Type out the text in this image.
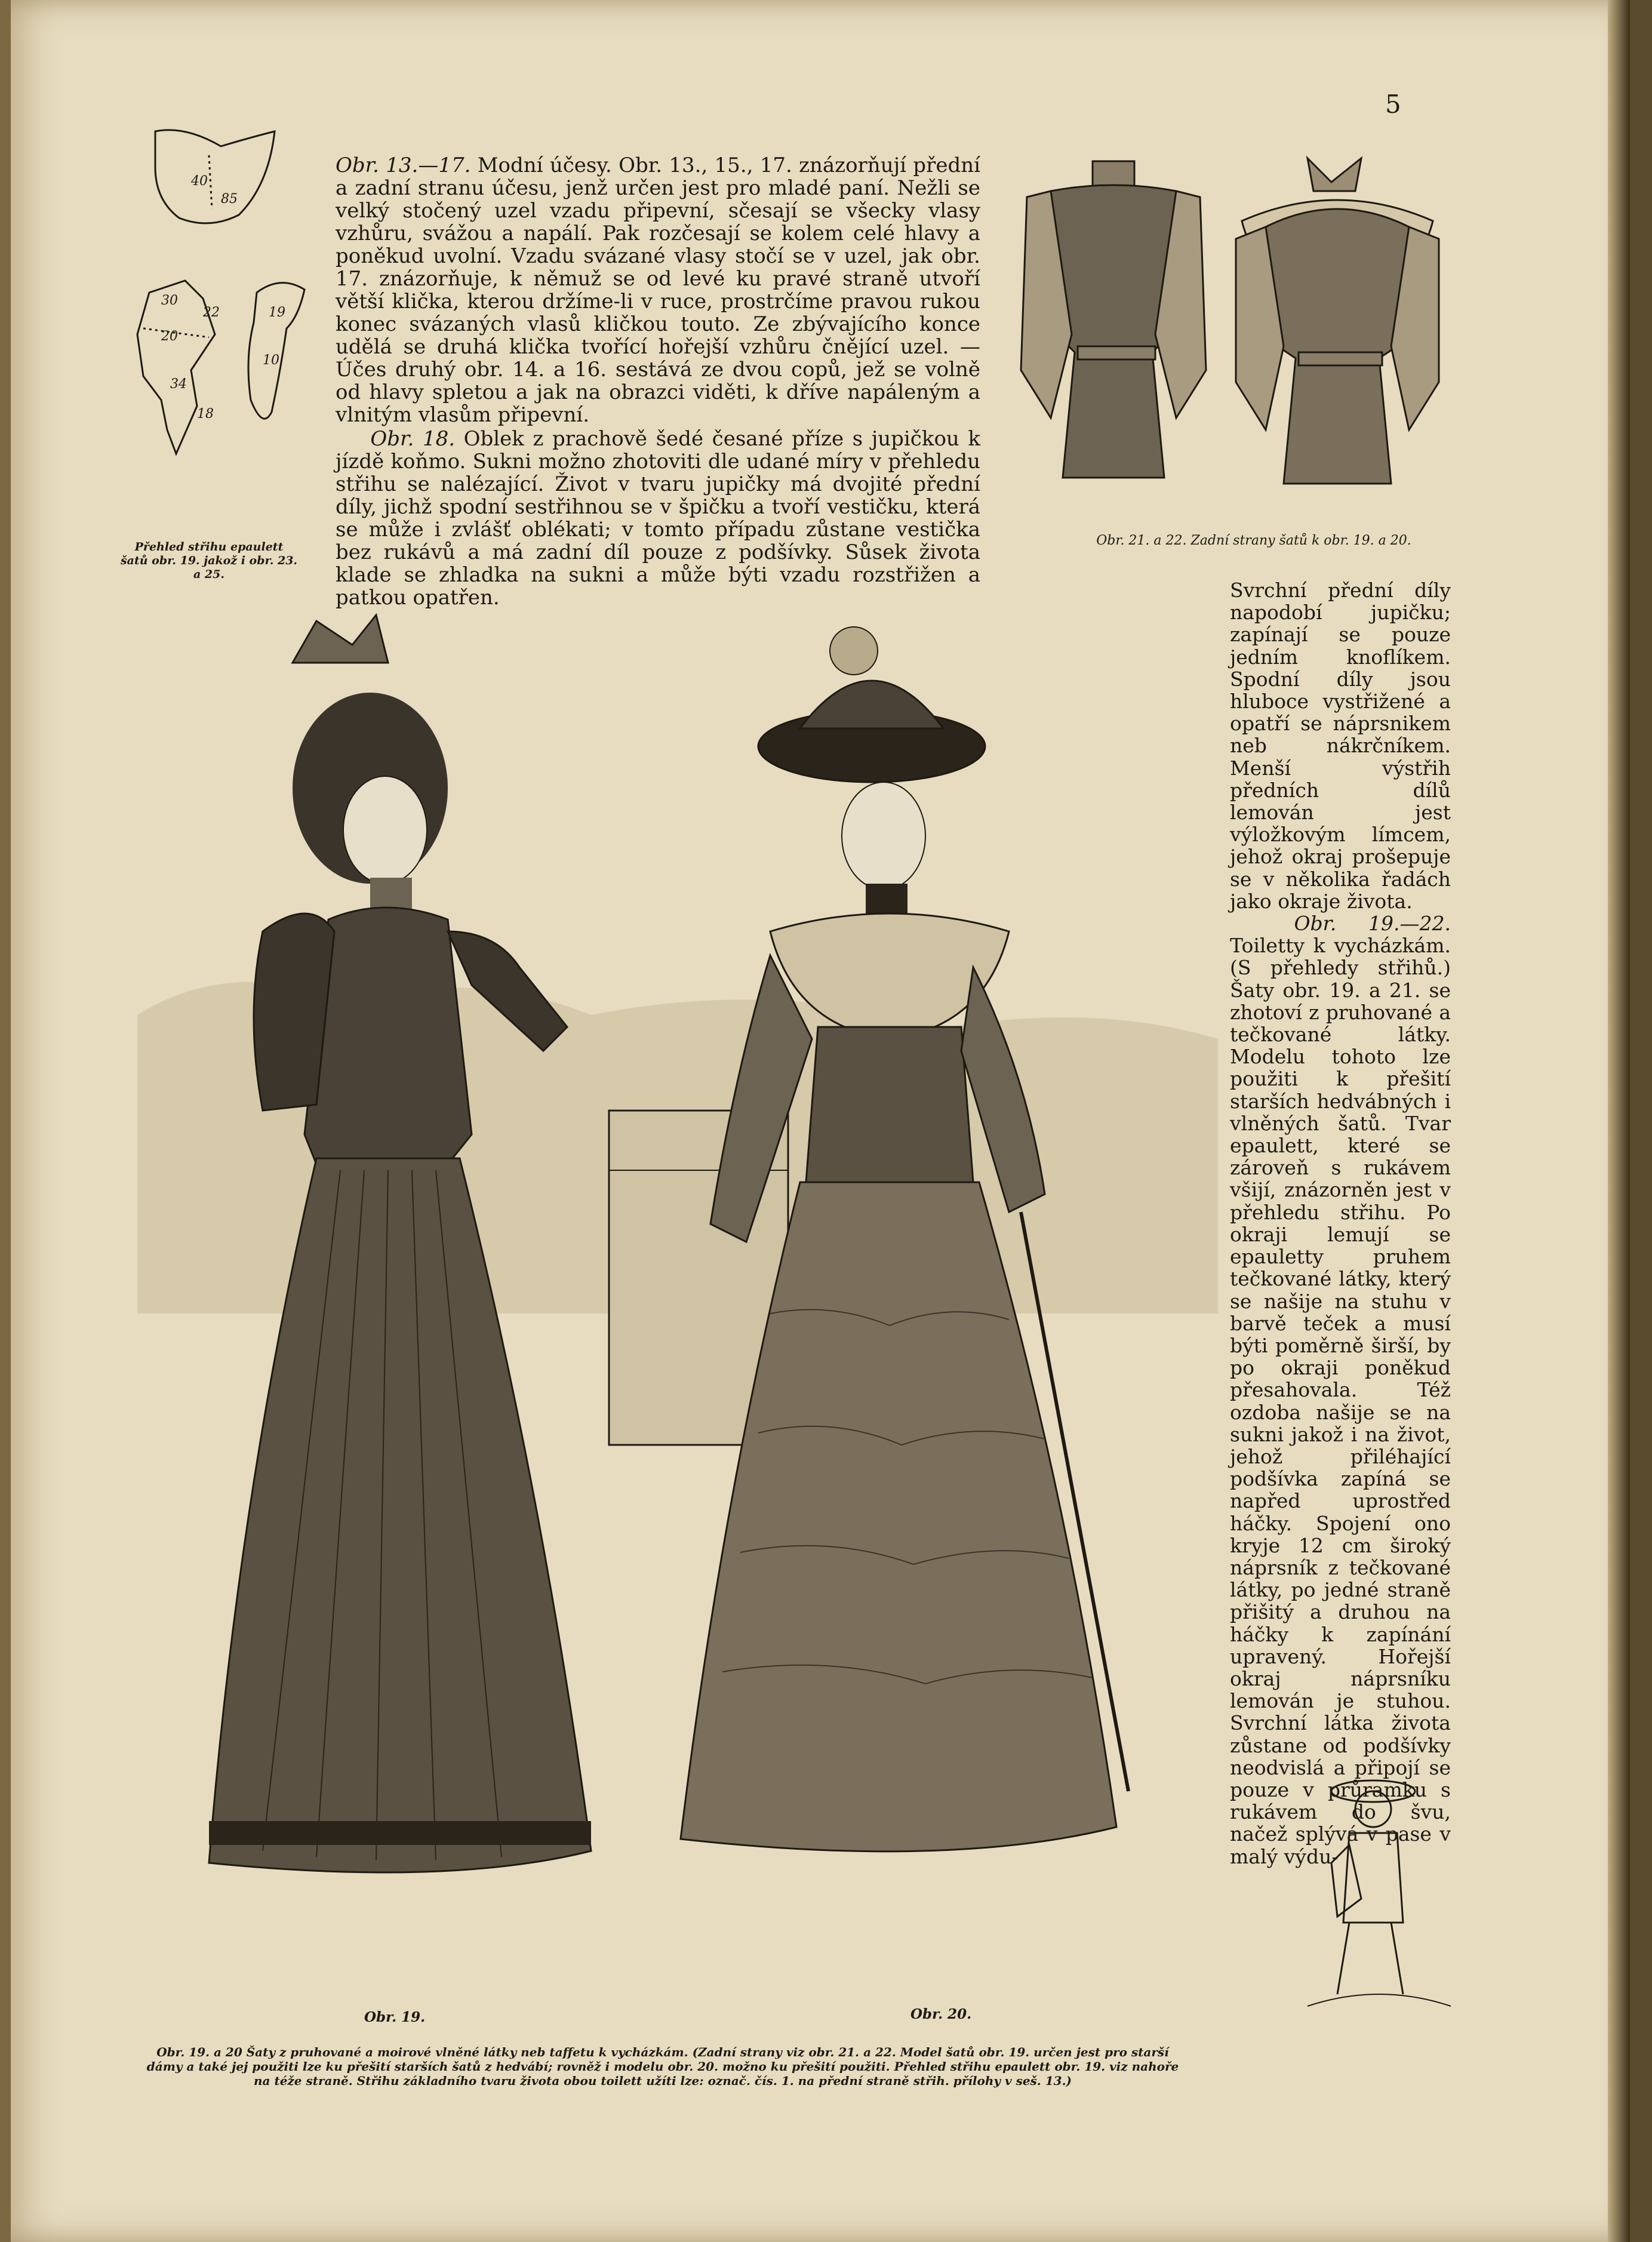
5
40
85
30
22
20
34
18
19
10
Přehled střihu epaulett šatů obr. 19. jakož i obr. 23. a 25.

Obr. 13.—17. Modní účesy. Obr. 13., 15., 17. znázorňují přední a zadní stranu účesu, jenž určen jest pro mladé paní. Nežli se velký stočený uzel vzadu připevní, sčesají se všecky vlasy vzhůru, svážou a napálí. Pak rozčesají se kolem celé hlavy a poněkud uvolní. Vzadu svázané vlasy stočí se v uzel, jak obr. 17. znázorňuje, k němuž se od levé ku pravé straně utvoří větší klička, kterou držíme-li v ruce, prostrčíme pravou rukou konec svázaných vlasů kličkou touto. Ze zbývajícího konce udělá se druhá klička tvořící hořejší vzhůru čnějící uzel. — Účes druhý obr. 14. a 16. sestává ze dvou copů, jež se volně od hlavy spletou a jak na obrazci viděti, k dříve napáleným a vlnitým vlasům připevní.

Obr. 18. Oblek z prachově šedé česané příze s jupičkou k jízdě koňmo. Sukni možno zhotoviti dle udané míry v přehledu střihu se nalézající. Život v tvaru jupičky má dvojité přední díly, jichž spodní sestřihnou se v špičku a tvoří vestičku, která se může i zvlášť oblékati; v tomto případu zůstane vestička bez rukávů a má zadní díl pouze z podšívky. Sůsek života klade se zhladka na sukni a může býti vzadu rozstřižen a patkou opatřen.

Obr. 21. a 22. Zadní strany šatů k obr. 19. a 20.

Svrchní přední díly napodobí jupičku; zapínají se pouze jedním knoflíkem. Spodní díly jsou hluboce vystřižené a opatří se náprsnikem neb nákrčníkem. Menší výstřih předních dílů lemován jest výložkovým límcem, jehož okraj prošepuje se v několika řadách jako okraje života.

Obr. 19.—22. Toiletty k vycházkám. (S přehledy střihů.) Šaty obr. 19. a 21. se zhotoví z pruhované a tečkované látky. Modelu tohoto lze použiti k přešití starších hedvábných i vlněných šatů. Tvar epaulett, které se zároveň s rukávem všijí, znázorněn jest v přehledu střihu. Po okraji lemují se epauletty pruhem tečkované látky, který se našije na stuhu v barvě teček a musí býti poměrně širší, by po okraji poněkud přesahovala. Též ozdoba našije se na sukni jakož i na život, jehož přiléhající podšívka zapíná se napřed uprostřed háčky. Spojení ono kryje 12 cm široký náprsník z tečkované látky, po jedné straně přišitý a druhou na háčky k zapínání upravený. Hořejší okraj náprsníku lemován je stuhou. Svrchní látka života zůstane od podšívky neodvislá a připojí se pouze v průramku s rukávem do švu, načež splývá v pase v malý výdu-

Obr. 19.	Obr. 20.
Obr. 19. a 20 Šaty z pruhované a moirové vlněné látky neb taffetu k vycházkám. (Zadní strany viz obr. 21. a 22. Model šatů obr. 19. určen jest pro starší dámy a také jej použiti lze ku přešití starších šatů z hedvábí; rovněž i modelu obr. 20. možno ku přešití použiti. Přehled střihu epaulett obr. 19. viz nahoře na téže straně. Střihu základního tvaru života obou toilett užíti lze: označ. čís. 1. na přední straně střih. přílohy v seš. 13.)
